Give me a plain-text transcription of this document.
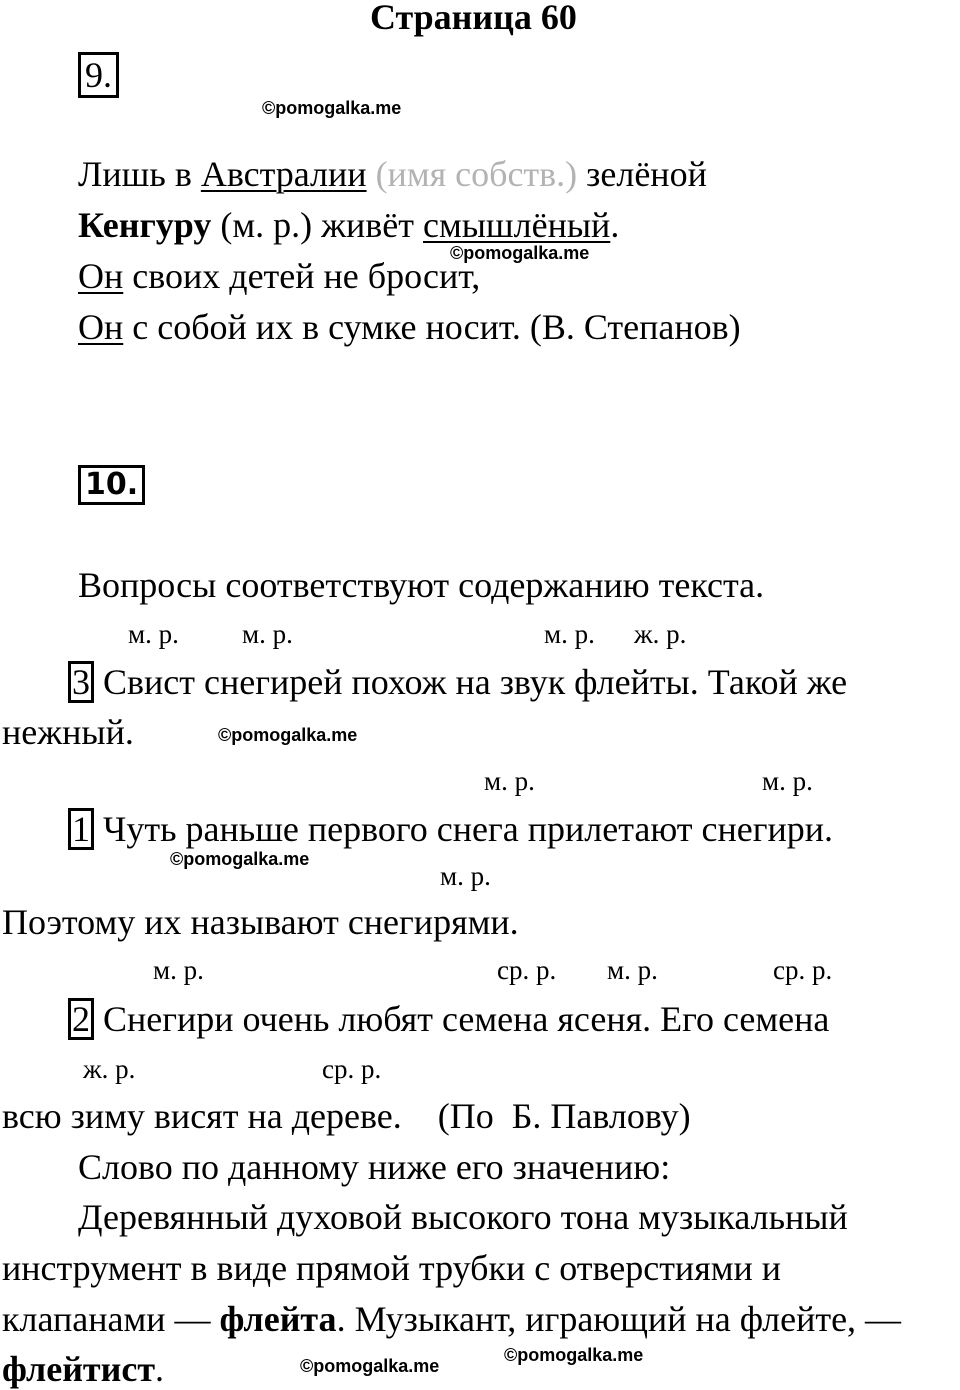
Страница 60
9.
©pomogalka.me
Лишь в Австралии (имя собств.) зелёной
Кенгуру (м. р.) живёт смышлёный.
©pomogalka.me
Он своих детей не бросит,
Он с собой их в сумке носит. (В. Степанов)
10.
Вопросы соответствуют содержанию текста.
м. р. м. р.	м. р. ж. р.
3 Свист снегирей похож на звук флейты. Такой же
нежный.	©pomogalka.me
м. р.	м. р.
1 Чуть раньше первого снега прилетают снегири.
©pomogalka.me
м. р.
Поэтому их называют снегирями.
м. р.	ср. р. м. р.	ср. р.
2 Снегири очень любят семена ясеня. Его семена
ж. р.	ср. р.
всю зиму висят на дереве.    (По  Б. Павлову)
Слово по данному ниже его значению:
Деревянный духовой высокого тона музыкальный
инструмент в виде прямой трубки с отверстиями и
клапанами — флейта. Музыкант, играющий на флейте, —
флейтист.	©pomogalka.me
©pomogalka.me
